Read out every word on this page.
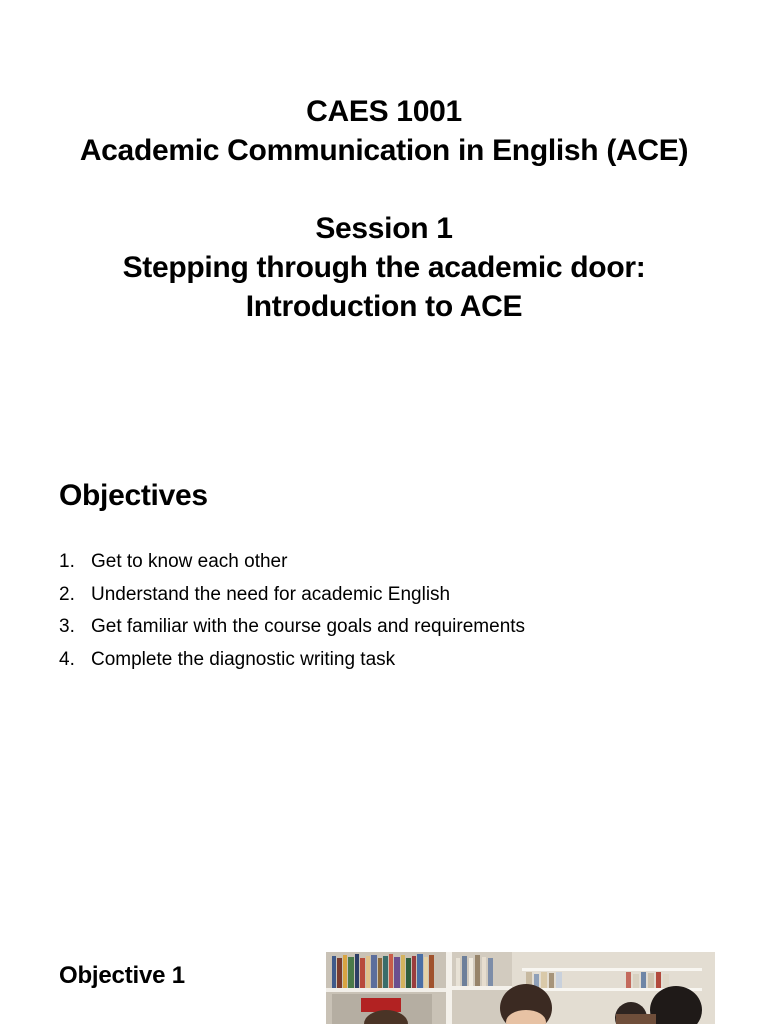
CAES 1001
Academic Communication in English (ACE)
Session 1
Stepping through the academic door:
Introduction to ACE
Objectives
1. Get to know each other
2. Understand the need for academic English
3. Get familiar with the course goals and requirements
4. Complete the diagnostic writing task
Objective 1
